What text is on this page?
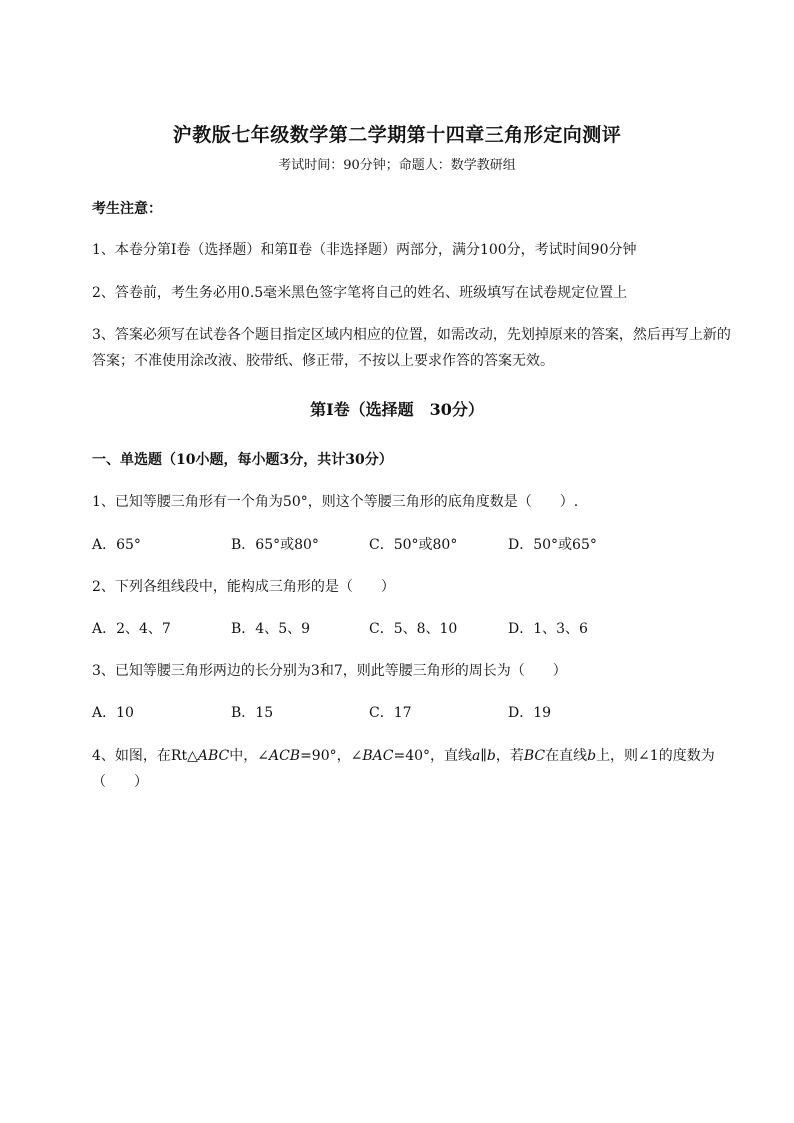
沪教版七年级数学第二学期第十四章三角形定向测评
考试时间：90分钟；命题人：数学教研组
考生注意：
1、本卷分第I卷（选择题）和第Ⅱ卷（非选择题）两部分，满分100分，考试时间90分钟
2、答卷前，考生务必用0.5毫米黑色签字笔将自己的姓名、班级填写在试卷规定位置上
3、答案必须写在试卷各个题目指定区域内相应的位置，如需改动，先划掉原来的答案，然后再写上新的答案；不准使用涂改液、胶带纸、修正带，不按以上要求作答的答案无效。
第I卷（选择题　30分）
一、单选题（10小题，每小题3分，共计30分）
1、已知等腰三角形有一个角为50°，则这个等腰三角形的底角度数是（　　）.
A．65°	B．65°或80°	C．50°或80°	D．50°或65°
2、下列各组线段中，能构成三角形的是（　　）
A．2、4、7	B．4、5、9	C．5、8、10	D．1、3、6
3、已知等腰三角形两边的长分别为3和7，则此等腰三角形的周长为（　　）
A．10	B．15	C．17	D．19
4、如图，在Rt△ABC中，∠ACB=90°，∠BAC=40°，直线a∥b，若BC在直线b上，则∠1的度数为（　　）
